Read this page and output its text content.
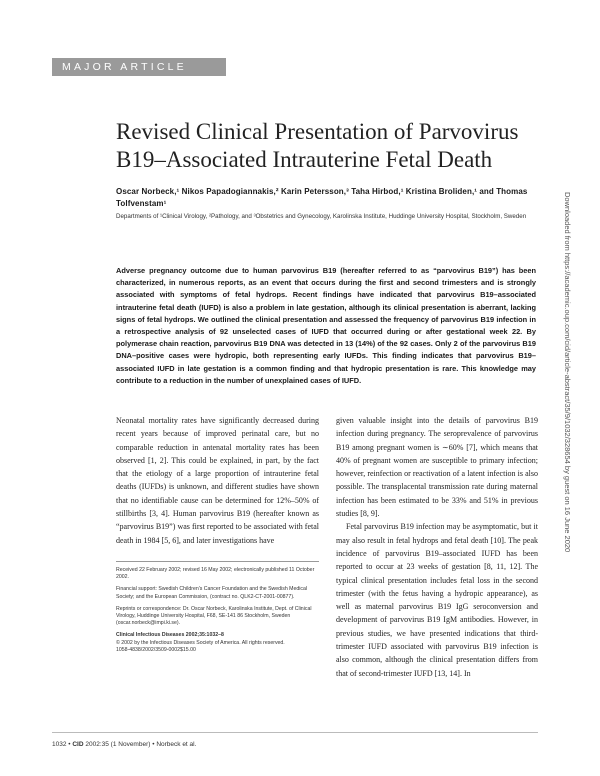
MAJOR ARTICLE
Revised Clinical Presentation of Parvovirus
B19–Associated Intrauterine Fetal Death
Oscar Norbeck,¹ Nikos Papadogiannakis,² Karin Petersson,³ Taha Hirbod,¹ Kristina Broliden,¹ and Thomas Tolfvenstam¹
Departments of ¹Clinical Virology, ²Pathology, and ³Obstetrics and Gynecology, Karolinska Institute, Huddinge University Hospital, Stockholm, Sweden

Adverse pregnancy outcome due to human parvovirus B19 (hereafter referred to as “parvovirus B19”) has been characterized, in numerous reports, as an event that occurs during the first and second trimesters and is strongly associated with symptoms of fetal hydrops. Recent findings have indicated that parvovirus B19–associated intrauterine fetal death (IUFD) is also a problem in late gestation, although its clinical presentation is aberrant, lacking signs of fetal hydrops. We outlined the clinical presentation and assessed the frequency of parvovirus B19 infection in a retrospective analysis of 92 unselected cases of IUFD that occurred during or after gestational week 22. By polymerase chain reaction, parvovirus B19 DNA was detected in 13 (14%) of the 92 cases. Only 2 of the parvovirus B19 DNA–positive cases were hydropic, both representing early IUFDs. This finding indicates that parvovirus B19–associated IUFD in late gestation is a common finding and that hydropic presentation is rare. This knowledge may contribute to a reduction in the number of unexplained cases of IUFD.

Neonatal mortality rates have significantly decreased during recent years because of improved perinatal care, but no comparable reduction in antenatal mortality rates has been observed [1, 2]. This could be explained, in part, by the fact that the etiology of a large proportion of intrauterine fetal deaths (IUFDs) is unknown, and different studies have shown that no identifiable cause can be determined for 12%–50% of stillbirths [3, 4]. Human parvovirus B19 (hereafter known as “parvovirus B19”) was first reported to be associated with fetal death in 1984 [5, 6], and later investigations have

Received 22 February 2002; revised 16 May 2002; electronically published 11 October 2002.

Financial support: Swedish Children's Cancer Foundation and the Swedish Medical Society; and the European Commission, (contract no. QLK2-CT-2001-00877).

Reprints or correspondence: Dr. Oscar Norbeck, Karolinska Institute, Dept. of Clinical Virology, Huddinge University Hospital, F68, SE-141 86 Stockholm, Sweden (oscar.norbeck@impi.ki.se).

Clinical Infectious Diseases 2002;35:1032–8
© 2002 by the Infectious Diseases Society of America. All rights reserved.
1058-4838/2002/3509-0002$15.00

given valuable insight into the details of parvovirus B19 infection during pregnancy. The seroprevalence of parvovirus B19 among pregnant women is ∼60% [7], which means that 40% of pregnant women are susceptible to primary infection; however, reinfection or reactivation of a latent infection is also possible. The transplacental transmission rate during maternal infection has been estimated to be 33% and 51% in previous studies [8, 9].

Fetal parvovirus B19 infection may be asymptomatic, but it may also result in fetal hydrops and fetal death [10]. The peak incidence of parvovirus B19–associated IUFD has been reported to occur at 23 weeks of gestation [8, 11, 12]. The typical clinical presentation includes fetal loss in the second trimester (with the fetus having a hydropic appearance), as well as maternal parvovirus B19 IgG seroconversion and development of parvovirus B19 IgM antibodies. However, in previous studies, we have presented indications that third-trimester IUFD associated with parvovirus B19 infection is also common, although the clinical presentation differs from that of second-trimester IUFD [13, 14]. In

1032 • CID 2002:35 (1 November) • Norbeck et al.
Downloaded from https://academic.oup.com/cid/article-abstract/35/9/1032/328654 by guest on 16 June 2020
